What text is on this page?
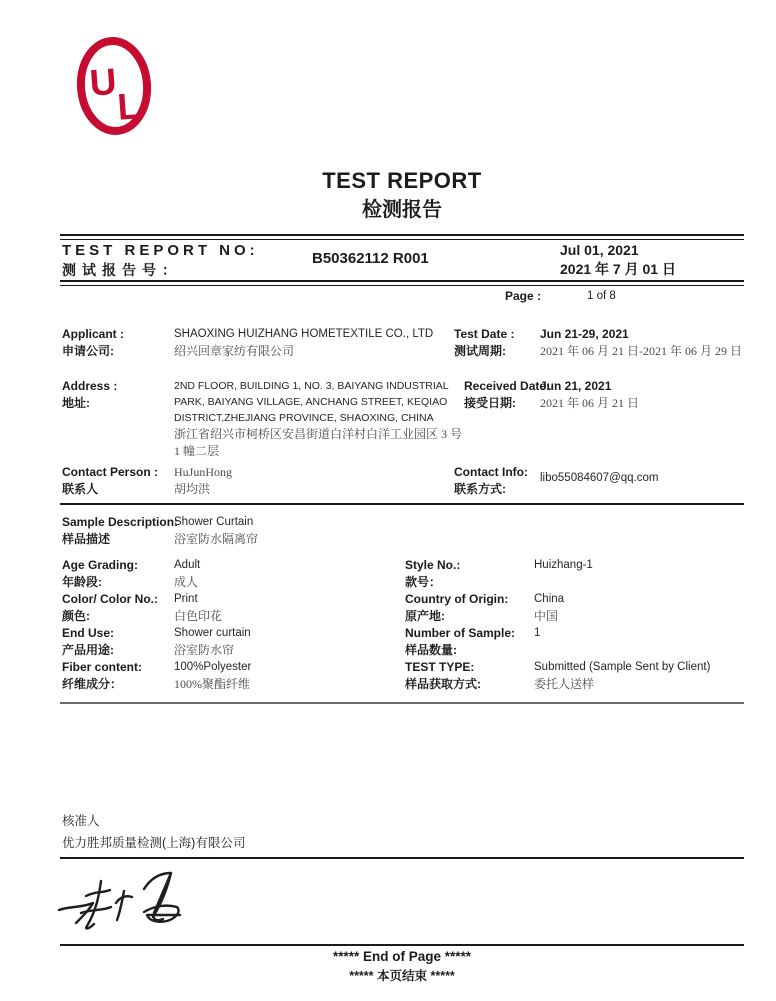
U
L
TEST REPORT
检测报告
TEST REPORT NO:
测试报告号：
B50362112 R001	Jul 01, 2021
2021 年 7 月 01 日
Page :	1 of 8
Applicant :
申请公司:
SHAOXING HUIZHANG HOMETEXTILE CO., LTD
绍兴回章家纺有限公司
Test Date :
测试周期:
Jun 21-29, 2021
2021 年 06 月 21 日-2021 年 06 月 29 日
Address :
地址:
2ND FLOOR, BUILDING 1, NO. 3, BAIYANG INDUSTRIAL PARK, BAIYANG VILLAGE, ANCHANG STREET, KEQIAO DISTRICT,ZHEJIANG PROVINCE, SHAOXING, CHINA
浙江省绍兴市柯桥区安昌街道白洋村白洋工业园区 3 号 1 幢二层
Received Date:
接受日期:
Jun 21, 2021
2021 年 06 月 21 日
Contact Person :
联系人
HuJunHong
胡均洪
Contact Info:
联系方式:
libo55084607@qq.com
Sample Description:
样品描述
Shower Curtain
浴室防水隔离帘
Age Grading:
年龄段:
Adult
成人
Style No.:
款号：
Huizhang-1
Color/ Color No.:
颜色:
Print
白色印花
Country of Origin:
原产地:
China
中国
End Use:
产品用途:
Shower curtain
浴室防水帘
Number of Sample:
样品数量:
1
Fiber content:
纤维成分：
100%Polyester
100%聚酯纤维
TEST TYPE:
样品获取方式:
Submitted (Sample Sent by Client)
委托人送样
核准人
优力胜邦质量检测(上海)有限公司
***** End of Page *****
***** 本页结束 *****
